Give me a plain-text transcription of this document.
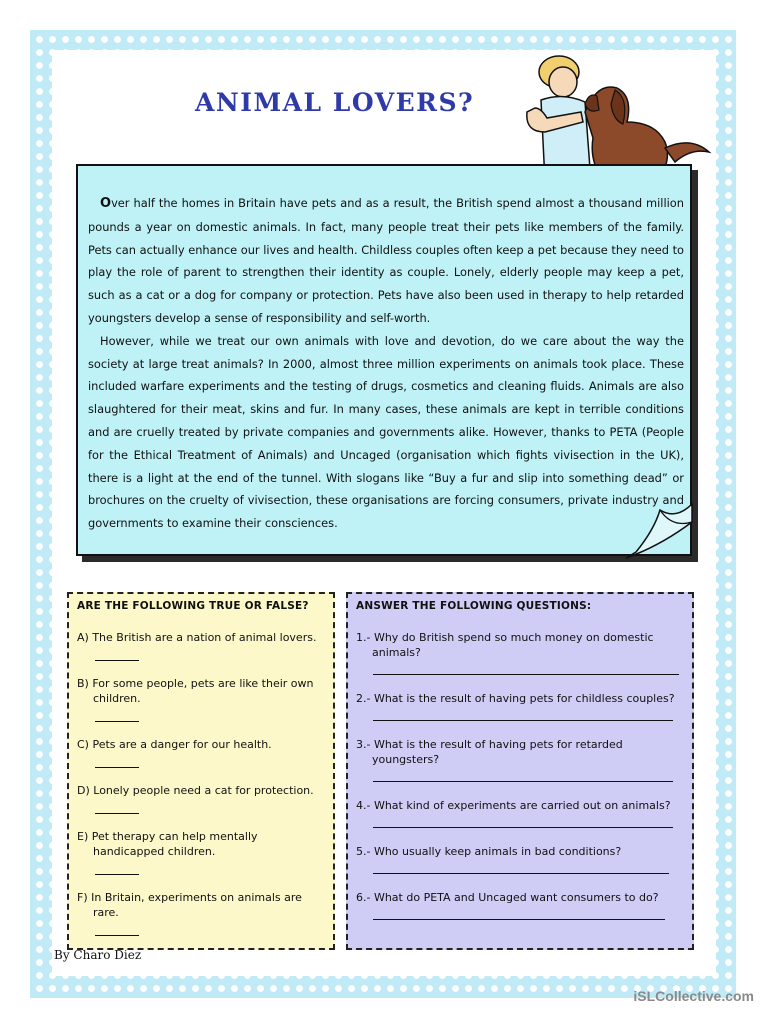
ANIMAL LOVERS?

Over half the homes in Britain have pets and as a result, the British spend almost a thousand million pounds a year on domestic animals. In fact, many people treat their pets like members of the family. Pets can actually enhance our lives and health. Childless couples often keep a pet because they need to play the role of parent to strengthen their identity as couple. Lonely, elderly people may keep a pet, such as a cat or a dog for company or protection. Pets have also been used in therapy to help retarded youngsters develop a sense of responsibility and self-worth.

However, while we treat our own animals with love and devotion, do we care about the way the society at large treat animals? In 2000, almost three million experiments on animals took place. These included warfare experiments and the testing of drugs, cosmetics and cleaning fluids. Animals are also slaughtered for their meat, skins and fur. In many cases, these animals are kept in terrible conditions and are cruelly treated by private companies and governments alike. However, thanks to PETA (People for the Ethical Treatment of Animals) and Uncaged (organisation which fights vivisection in the UK), there is a light at the end of the tunnel. With slogans like “Buy a fur and slip into something dead” or brochures on the cruelty of vivisection, these organisations are forcing consumers, private industry and governments to examine their consciences.

ARE THE FOLLOWING TRUE OR FALSE?
A) The British are a nation of animal lovers.
B) For some people, pets are like their own children.
C) Pets are a danger for our health.
D) Lonely people need a cat for protection.
E) Pet therapy can help mentally handicapped children.
F) In Britain, experiments on animals are rare.
ANSWER THE FOLLOWING QUESTIONS:
1.- Why do British spend so much money on domestic animals?
2.- What is the result of having pets for childless couples?
3.- What is the result of having pets for retarded youngsters?
4.- What kind of experiments are carried out on animals?
5.- Who usually keep animals in bad conditions?
6.- What do PETA and Uncaged want consumers to do?

By Charo Diez

iSLCollective.com
